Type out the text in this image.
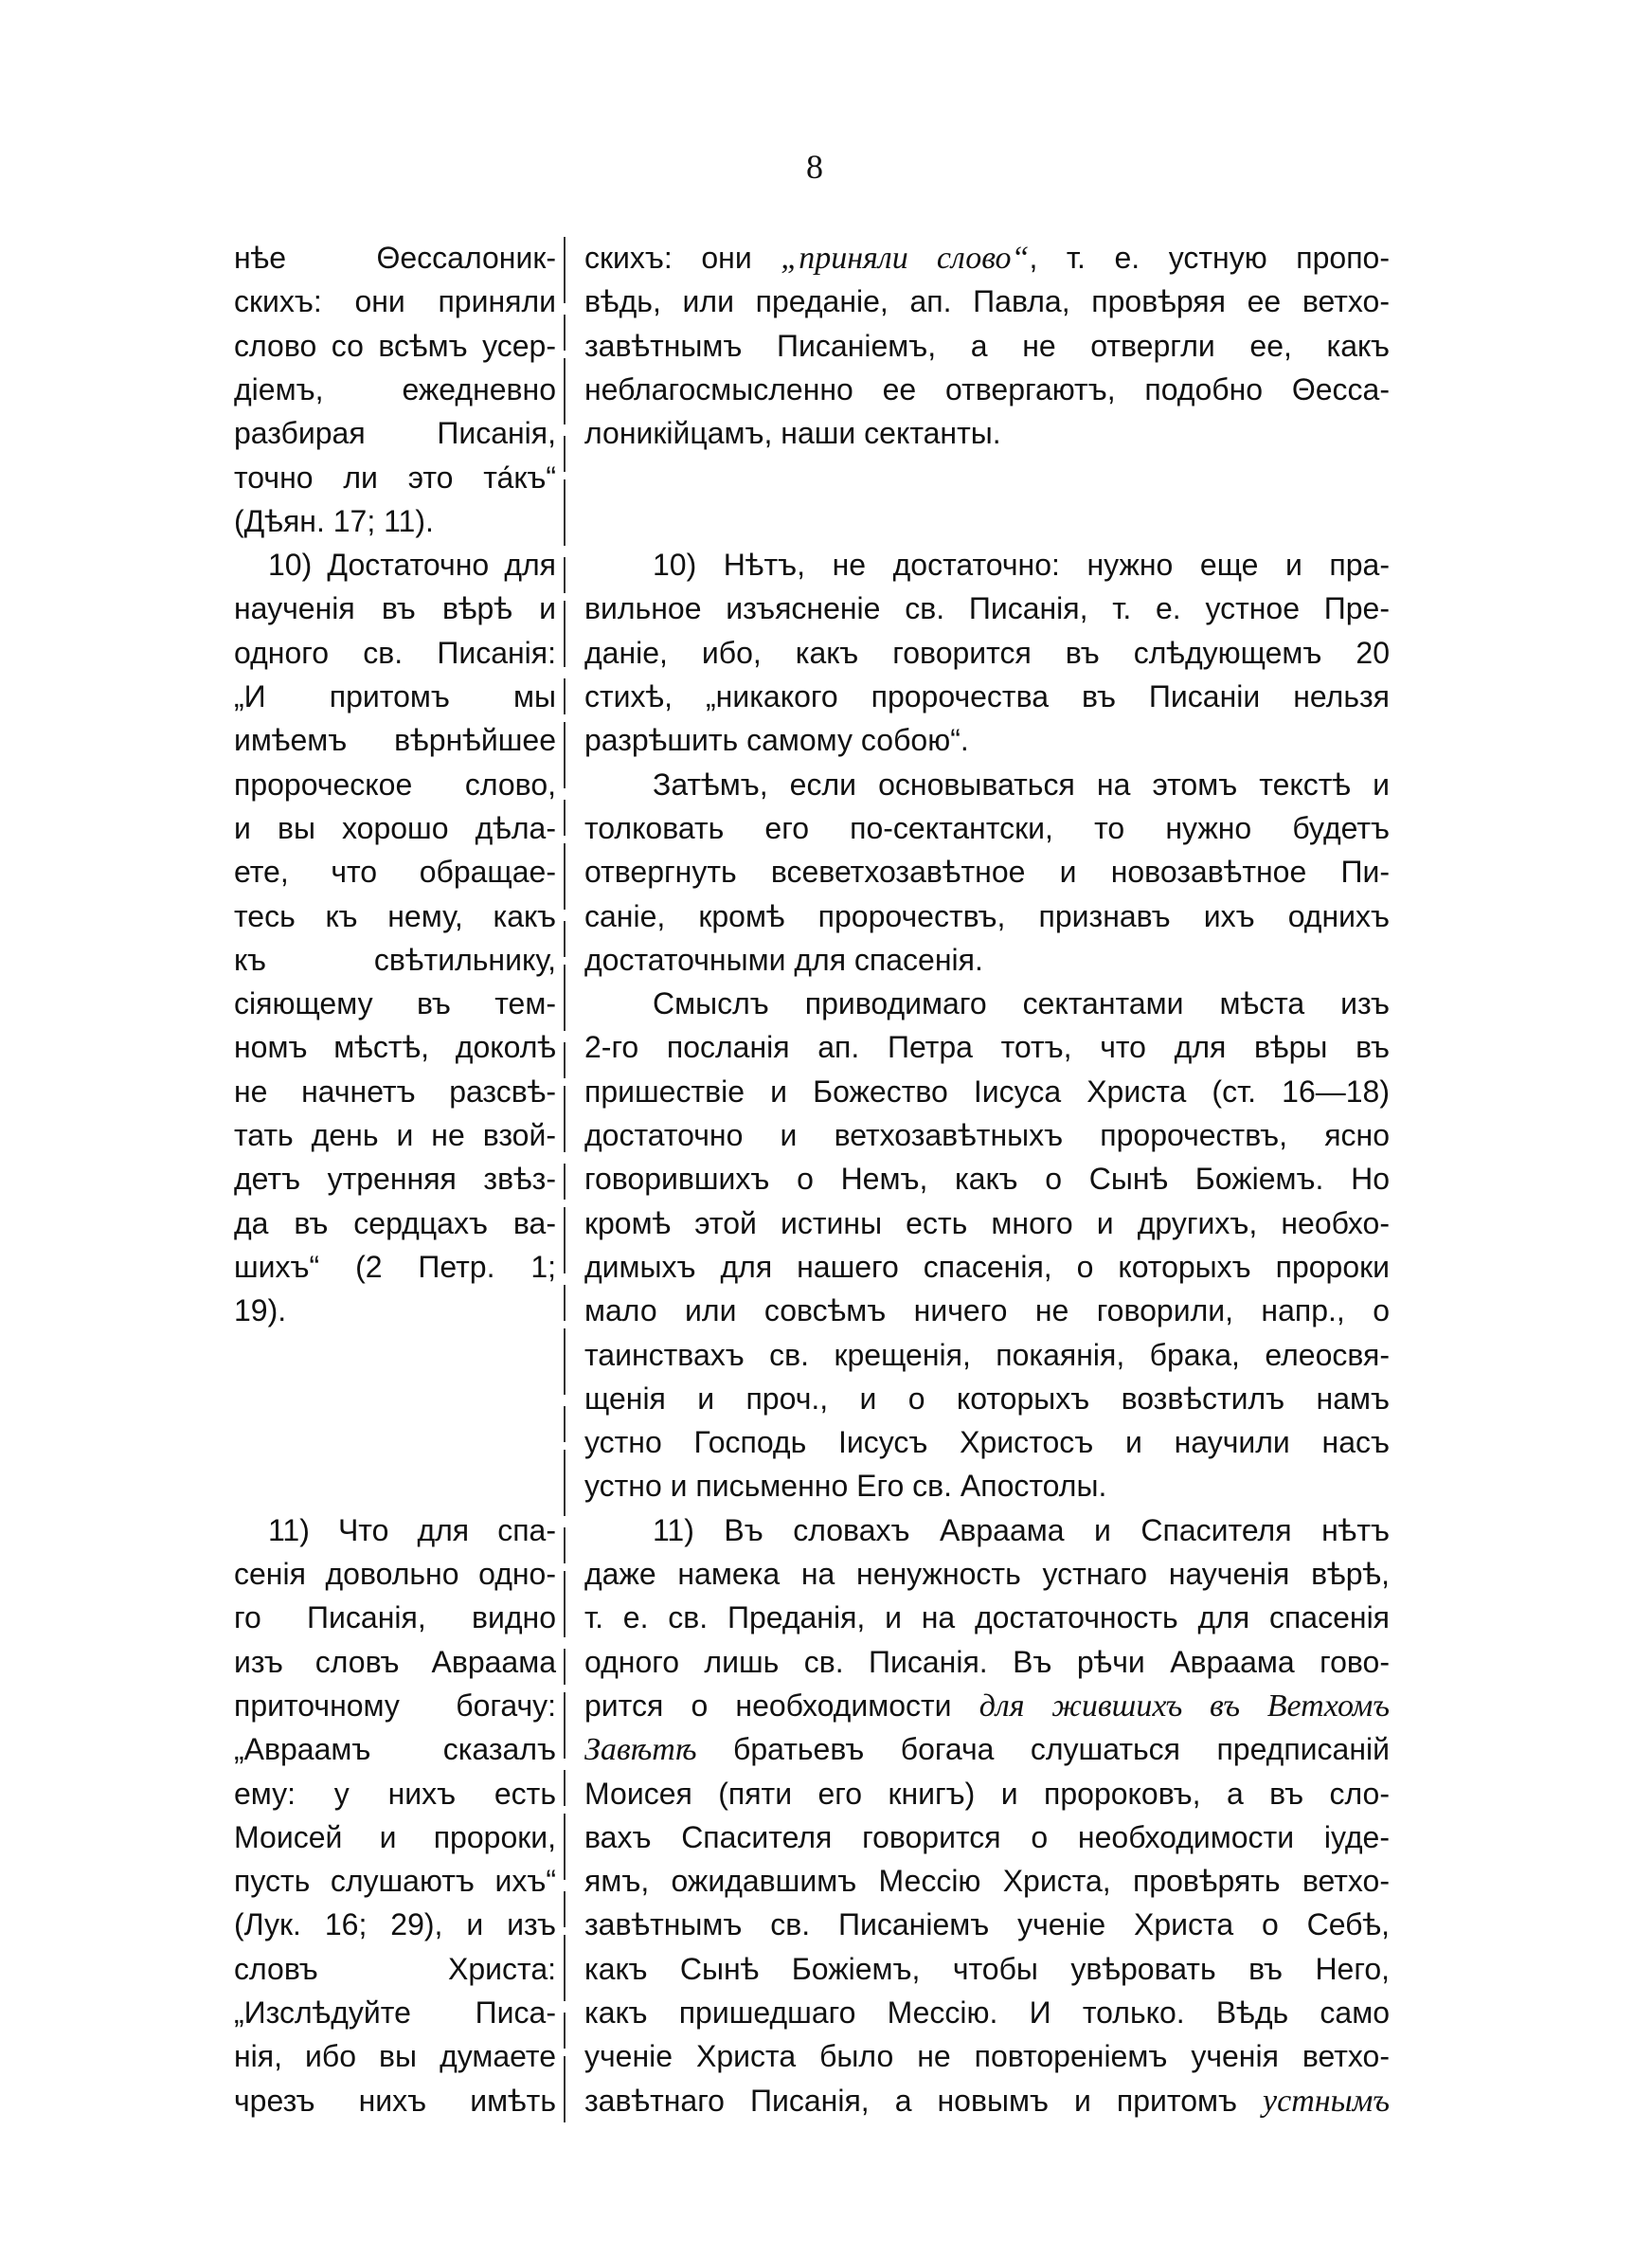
8
нѣе Θессалоник-
скихъ: они приняли
слово со всѣмъ усер-
дiемъ, ежедневно
разбирая Писанiя,
точно ли это та́къ“
(Дѣян. 17; 11).
10) Достаточно для
наученiя въ вѣрѣ и
одного св. Писанiя:
„И притомъ мы
имѣемъ вѣрнѣйшее
пророческое слово,
и вы хорошо дѣла-
ете, что обращае-
тесь къ нему, какъ
къ свѣтильнику,
сiяющему въ тем-
номъ мѣстѣ, доколѣ
не начнетъ разсвѣ-
тать день и не взой-
детъ утренняя звѣз-
да въ сердцахъ ва-
шихъ“ (2 Петр. 1;
19).
11) Что для спа-
сенiя довольно одно-
го Писанiя, видно
изъ словъ Авраама
приточному богачу:
„Авраамъ сказалъ
ему: у нихъ есть
Моисей и пророки,
пусть слушаютъ ихъ“
(Лук. 16; 29), и изъ
словъ Христа:
„Изслѣдуйте Писа-
нiя, ибо вы думаете
чрезъ нихъ имѣть
скихъ: они „приняли слово“, т. е. устную пропо-
вѣдь, или преданiе, ап. Павла, провѣряя ее ветхо-
завѣтнымъ Писанiемъ, а не отвергли ее, какъ
неблагосмысленно ее отвергаютъ, подобно Θесса-
лоникiйцамъ, наши сектанты.
10) Нѣтъ, не достаточно: нужно еще и пра-
вильное изъясненiе св. Писанiя, т. е. устное Пре-
данiе, ибо, какъ говорится въ слѣдующемъ 20
стихѣ, „никакого пророчества въ Писанiи нельзя
разрѣшить самому собою“.
Затѣмъ, если основываться на этомъ текстѣ и
толковать его по-сектантски, то нужно будетъ
отвергнуть всеветхозавѣтное и новозавѣтное Пи-
санiе, кромѣ пророчествъ, признавъ ихъ однихъ
достаточными для спасенiя.
Смыслъ приводимаго сектантами мѣста изъ
2-го посланiя ап. Петра тотъ, что для вѣры въ
пришествiе и Божество Iисуса Христа (ст. 16—18)
достаточно и ветхозавѣтныхъ пророчествъ, ясно
говорившихъ о Немъ, какъ о Сынѣ Божiемъ. Но
кромѣ этой истины есть много и другихъ, необхо-
димыхъ для нашего спасенiя, о которыхъ пророки
мало или совсѣмъ ничего не говорили, напр., о
таинствахъ св. крещенiя, покаянiя, брака, елеосвя-
щенiя и проч., и о которыхъ возвѣстилъ намъ
устно Господь Iисусъ Христосъ и научили насъ
устно и письменно Его св. Апостолы.
11) Въ словахъ Авраама и Спасителя нѣтъ
даже намека на ненужность устнаго наученiя вѣрѣ,
т. е. св. Преданiя, и на достаточность для спасенiя
одного лишь св. Писанiя. Въ рѣчи Авраама гово-
рится о необходимости для жившихъ въ Ветхомъ
Завѣтѣ братьевъ богача слушаться предписанiй
Моисея (пяти его книгъ) и пророковъ, а въ сло-
вахъ Спасителя говорится о необходимости iуде-
ямъ, ожидавшимъ Мессiю Христа, провѣрять ветхо-
завѣтнымъ св. Писанiемъ ученiе Христа о Себѣ,
какъ Сынѣ Божiемъ, чтобы увѣровать въ Него,
какъ пришедшаго Мессiю. И только. Вѣдь само
ученiе Христа было не повторенiемъ ученiя ветхо-
завѣтнаго Писанiя, а новымъ и притомъ устнымъ
